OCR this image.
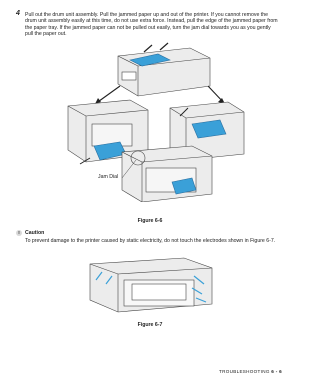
4 Pull out the drum unit assembly. Pull the jammed paper up and out of the printer. If you cannot remove the drum unit assembly easily at this time, do not use extra force. Instead, pull the edge of the jammed paper from the paper tray. If the jammed paper can not be pulled out easily, turn the jam dial towards you as you gently pull the paper out.
Jam Dial
Figure 6-6
!	Caution
To prevent damage to the printer caused by static electricity, do not touch the electrodes shown in Figure 6-7.
Figure 6-7
TROUBLESHOOTING 6 - 6
